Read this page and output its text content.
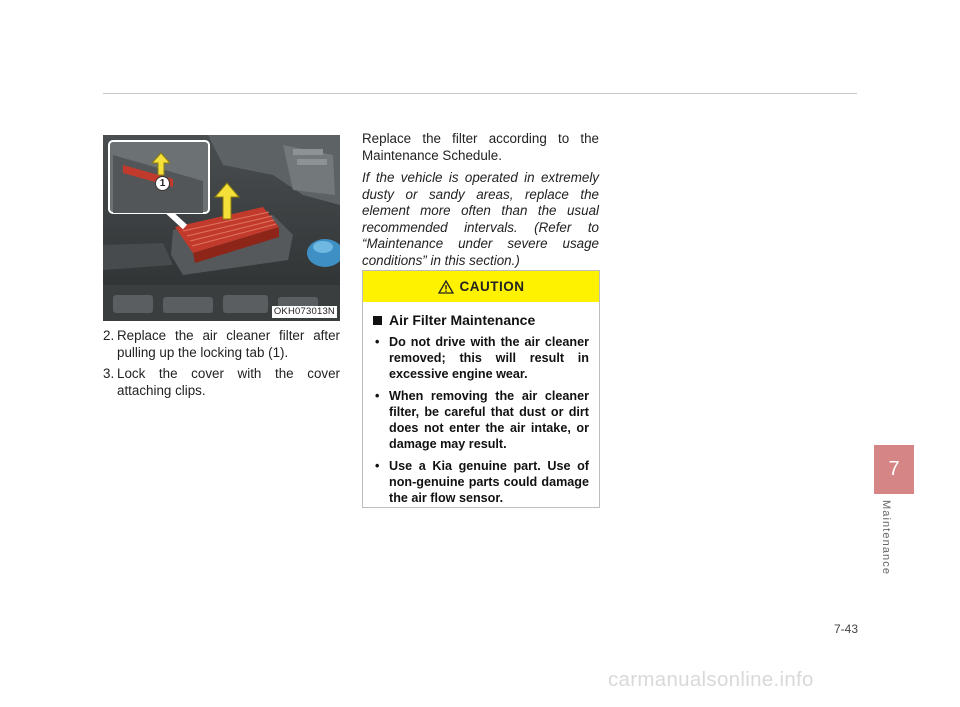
1
OKH073013N
2. Replace the air cleaner filter after pulling up the locking tab (1).
3. Lock the cover with the cover attaching clips.

Replace the filter according to the Maintenance Schedule.

If the vehicle is operated in extremely dusty or sandy areas, replace the element more often than the usual recommended intervals. (Refer to “Maintenance under severe usage conditions” in this section.)

CAUTION
Air Filter Maintenance
• Do not drive with the air cleaner removed; this will result in excessive engine wear.
• When removing the air cleaner filter, be careful that dust or dirt does not enter the air intake, or damage may result.
• Use a Kia genuine part. Use of non-genuine parts could damage the air flow sensor.
7
Maintenance
7-43
carmanualsonline.info
